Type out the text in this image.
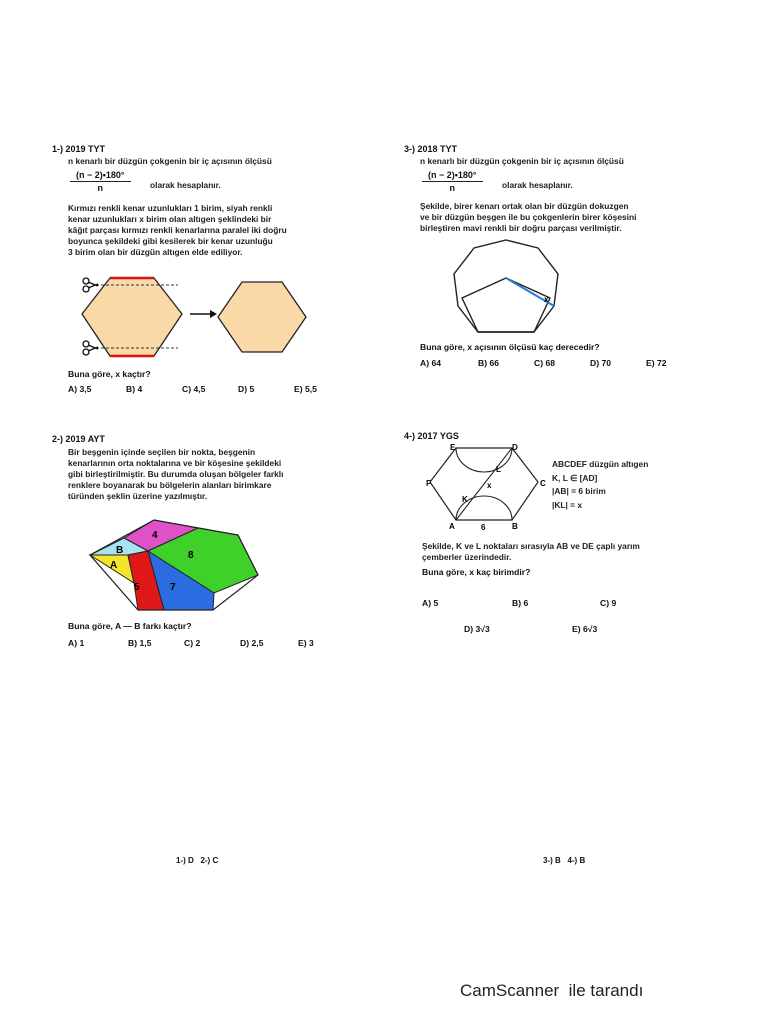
1-) 2019 TYT
n kenarlı bir düzgün çokgenin bir iç açısının ölçüsü
$\frac{(n - 2)•180^\circ}{n}$ olarak hesaplanır.
Kırmızı renkli kenar uzunlukları 1 birim, siyah renkli
kenar uzunlukları x birim olan altıgen şeklindeki bir
kâğıt parçası kırmızı renkli kenarlarına paralel iki doğru
boyunca şekildeki gibi kesilerek bir kenar uzunluğu
3 birim olan bir düzgün altıgen elde ediliyor.
Buna göre, x kaçtır?
A) 3,5	B) 4	C) 4,5	D) 5	E) 5,5
2-) 2019 AYT
Bir beşgenin içinde seçilen bir nokta, beşgenin
kenarlarının orta noktalarına ve bir köşesine şekildeki
gibi birleştirilmiştir. Bu durumda oluşan bölgeler farklı
renklere boyanarak bu bölgelerin alanları birimkare
türünden şeklin üzerine yazılmıştır.
4
8
B
A
5	7
Buna göre, A — B farkı kaçtır?
A) 1	B) 1,5	C) 2	D) 2,5	E) 3
3-) 2018 TYT
n kenarlı bir düzgün çokgenin bir iç açısının ölçüsü
$\frac{(n - 2)•180^\circ}{n}$ olarak hesaplanır.
Şekilde, birer kenarı ortak olan bir düzgün dokuzgen
ve bir düzgün beşgen ile bu çokgenlerin birer köşesini
birleştiren mavi renkli bir doğru parçası verilmiştir.
x
Buna göre, x açısının ölçüsü kaç derecedir?
A) 64	B) 66	C) 68	D) 70	E) 72
4-) 2017 YGS
A	6	B
C
D
E
F
K
L
x
ABCDEF düzgün altıgen
K, L ∈ [AD]
|AB| = 6 birim
|KL| = x
Şekilde, K ve L noktaları sırasıyla AB ve DE çaplı yarım
çemberler üzerindedir.
Buna göre, x kaç birimdir?
A) 5	B) 6	C) 9
D) 3√3	E) 6√3
1-) D   2-) C	3-) B   4-) B
CamScanner  ile tarandı
